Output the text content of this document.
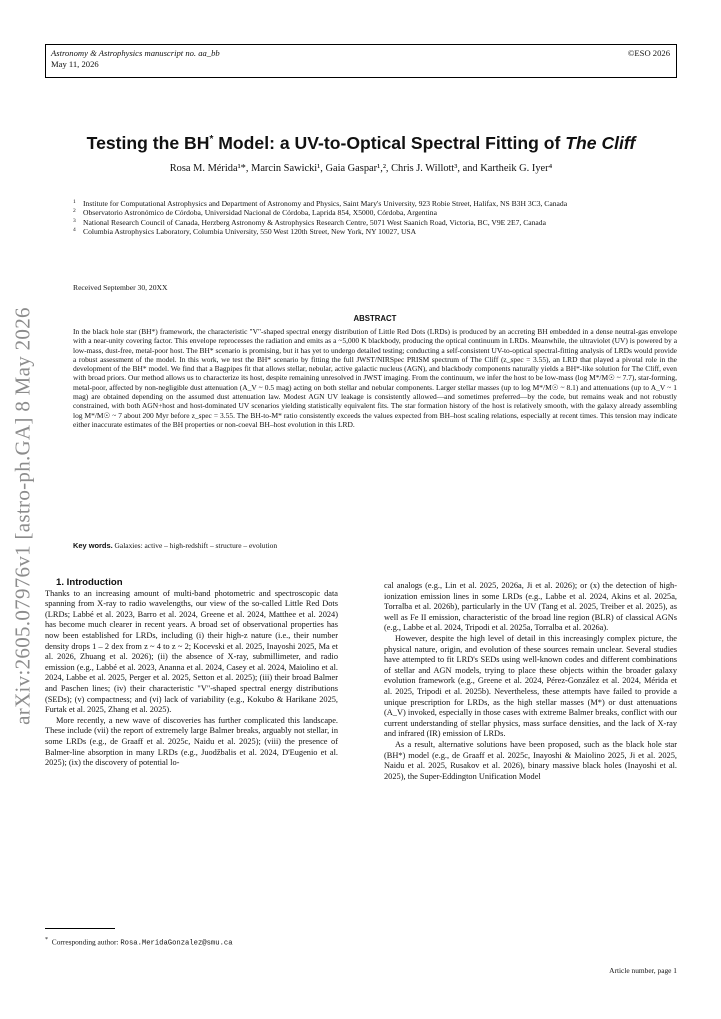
Astronomy & Astrophysics manuscript no. aa_bb
May 11, 2026
©ESO 2026
arXiv:2605.07976v1 [astro-ph.GA] 8 May 2026
Testing the BH* Model: a UV-to-Optical Spectral Fitting of The Cliff
Rosa M. Mérida¹*, Marcin Sawicki¹, Gaia Gaspar¹,², Chris J. Willott³, and Kartheik G. Iyer⁴
1 Institute for Computational Astrophysics and Department of Astronomy and Physics, Saint Mary's University, 923 Robie Street, Halifax, NS B3H 3C3, Canada
2 Observatorio Astronómico de Córdoba, Universidad Nacional de Córdoba, Laprida 854, X5000, Córdoba, Argentina
3 National Research Council of Canada, Herzberg Astronomy & Astrophysics Research Centre, 5071 West Saanich Road, Victoria, BC, V9E 2E7, Canada
4 Columbia Astrophysics Laboratory, Columbia University, 550 West 120th Street, New York, NY 10027, USA
Received September 30, 20XX
ABSTRACT
In the black hole star (BH*) framework, the characteristic "V"-shaped spectral energy distribution of Little Red Dots (LRDs) is produced by an accreting BH embedded in a dense neutral-gas envelope with a near-unity covering factor. This envelope reprocesses the radiation and emits as a ~5,000 K blackbody, producing the optical continuum in LRDs. Meanwhile, the ultraviolet (UV) is powered by a low-mass, dust-free, metal-poor host. The BH* scenario is promising, but it has yet to undergo detailed testing; conducting a self-consistent UV-to-optical spectral-fitting analysis of LRDs would provide a robust assessment of the model. In this work, we test the BH* scenario by fitting the full JWST/NIRSpec PRISM spectrum of The Cliff (z_spec = 3.55), an LRD that played a pivotal role in the development of the BH* model. We find that a Bagpipes fit that allows stellar, nebular, active galactic nucleus (AGN), and blackbody components naturally yields a BH*-like solution for The Cliff, even with broad priors. Our method allows us to characterize its host, despite remaining unresolved in JWST imaging. From the continuum, we infer the host to be low-mass (log M*/M☉ ~ 7.7), star-forming, metal-poor, affected by non-negligible dust attenuation (A_V ~ 0.5 mag) acting on both stellar and nebular components. Larger stellar masses (up to log M*/M☉ ~ 8.1) and attenuations (up to A_V ~ 1 mag) are obtained depending on the assumed dust attenuation law. Modest AGN UV leakage is consistently allowed—and sometimes preferred—by the code, but remains weak and not robustly constrained, with both AGN+host and host-dominated UV scenarios yielding statistically equivalent fits. The star formation history of the host is relatively smooth, with the galaxy already assembling log M*/M☉ ~ 7 about 200 Myr before z_spec = 3.55. The BH-to-M* ratio consistently exceeds the values expected from BH–host scaling relations, especially at recent times. This tension may indicate either inaccurate estimates of the BH properties or non-coeval BH–host evolution in this LRD.
Key words. Galaxies: active – high-redshift – structure – evolution

1. Introduction

Thanks to an increasing amount of multi-band photometric and spectroscopic data spanning from X-ray to radio wavelengths, our view of the so-called Little Red Dots (LRDs; Labbé et al. 2023, Barro et al. 2024, Greene et al. 2024, Matthee et al. 2024) has become much clearer in recent years. A broad set of observational properties has now been established for LRDs, including (i) their high-z nature (i.e., their number density drops 1 – 2 dex from z ~ 4 to z ~ 2; Kocevski et al. 2025, Inayoshi 2025, Ma et al. 2026, Zhuang et al. 2026); (ii) the absence of X-ray, submillimeter, and radio emission (e.g., Labbé et al. 2023, Ananna et al. 2024, Casey et al. 2024, Maiolino et al. 2024, Labbe et al. 2025, Perger et al. 2025, Setton et al. 2025); (iii) their broad Balmer and Paschen lines; (iv) their characteristic "V"-shaped spectral energy distributions (SEDs); (v) compactness; and (vi) lack of variability (e.g., Kokubo & Harikane 2025, Furtak et al. 2025, Zhang et al. 2025).

More recently, a new wave of discoveries has further complicated this landscape. These include (vii) the report of extremely large Balmer breaks, arguably not stellar, in some LRDs (e.g., de Graaff et al. 2025c, Naidu et al. 2025); (viii) the presence of Balmer-line absorption in many LRDs (e.g., Juodžbalis et al. 2024, D'Eugenio et al. 2025); (ix) the discovery of potential lo-

cal analogs (e.g., Lin et al. 2025, 2026a, Ji et al. 2026); or (x) the detection of high-ionization emission lines in some LRDs (e.g., Labbe et al. 2024, Akins et al. 2025a, Torralba et al. 2026b), particularly in the UV (Tang et al. 2025, Treiber et al. 2025), as well as Fe II emission, characteristic of the broad line region (BLR) of classical AGNs (e.g., Labbe et al. 2024, Tripodi et al. 2025a, Torralba et al. 2026a).

However, despite the high level of detail in this increasingly complex picture, the physical nature, origin, and evolution of these sources remain unclear. Several studies have attempted to fit LRD's SEDs using well-known codes and different combinations of stellar and AGN models, trying to place these objects within the broader galaxy evolution framework (e.g., Greene et al. 2024, Pérez-González et al. 2024, Mérida et al. 2025, Tripodi et al. 2025b). Nevertheless, these attempts have failed to provide a unique prescription for LRDs, as the high stellar masses (M*) or dust attenuations (A_V) invoked, especially in those cases with extreme Balmer breaks, conflict with our current understanding of stellar physics, mass surface densities, and the lack of X-ray and infrared (IR) emission of LRDs.

As a result, alternative solutions have been proposed, such as the black hole star (BH*) model (e.g., de Graaff et al. 2025c, Inayoshi & Maiolino 2025, Ji et al. 2025, Naidu et al. 2025, Rusakov et al. 2026), binary massive black holes (Inayoshi et al. 2025), the Super-Eddington Unification Model

* Corresponding author: Rosa.MeridaGonzalez@smu.ca
Article number, page 1
